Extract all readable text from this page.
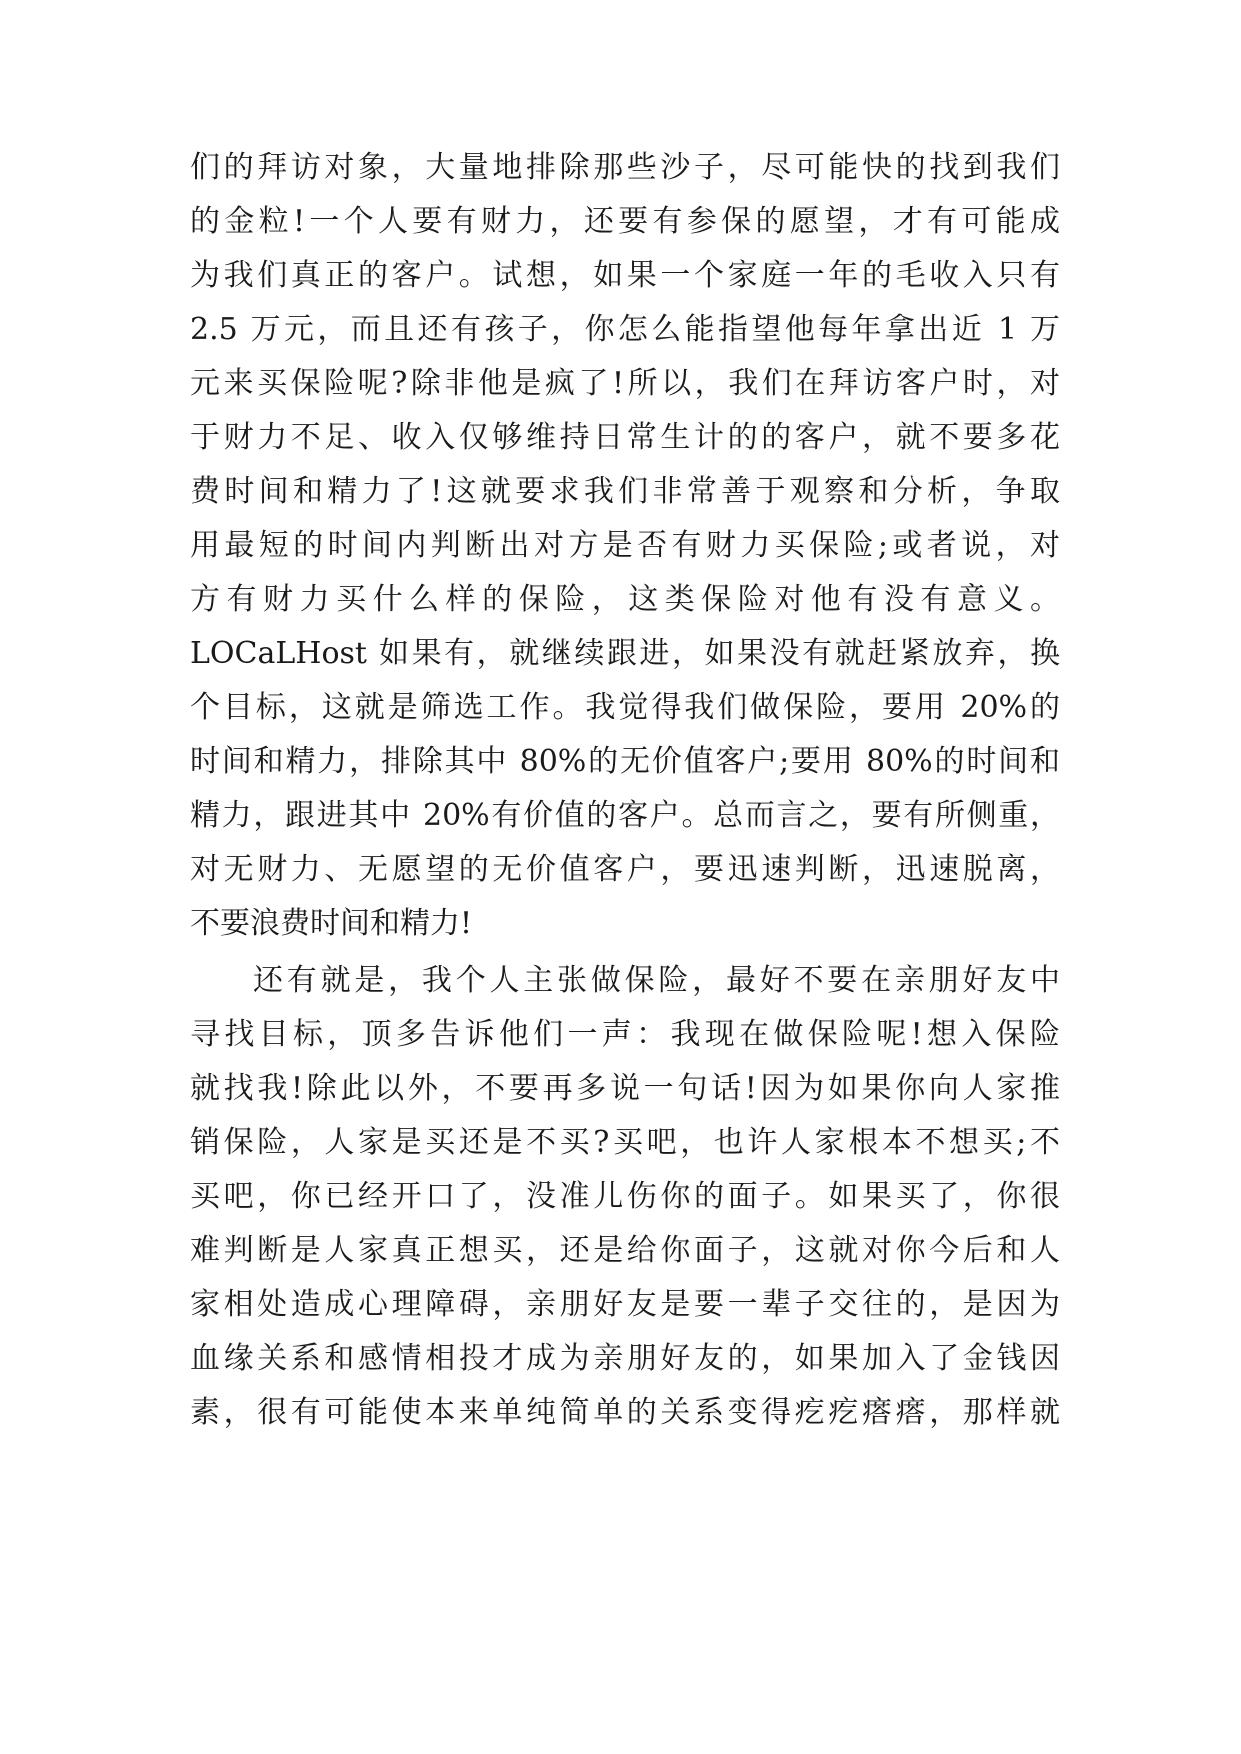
们的拜访对象，大量地排除那些沙子，尽可能快的找到我们
的金粒!一个人要有财力，还要有参保的愿望，才有可能成
为我们真正的客户。试想，如果一个家庭一年的毛收入只有
2.5 万元，而且还有孩子，你怎么能指望他每年拿出近 1 万
元来买保险呢?除非他是疯了!所以，我们在拜访客户时，对
于财力不足、收入仅够维持日常生计的的客户，就不要多花
费时间和精力了!这就要求我们非常善于观察和分析，争取
用最短的时间内判断出对方是否有财力买保险;或者说，对
方有财力买什么样的保险，这类保险对他有没有意义。
LOCaLHost 如果有，就继续跟进，如果没有就赶紧放弃，换
个目标，这就是筛选工作。我觉得我们做保险，要用 20%的
时间和精力，排除其中 80%的无价值客户;要用 80%的时间和
精力，跟进其中 20%有价值的客户。总而言之，要有所侧重，
对无财力、无愿望的无价值客户，要迅速判断，迅速脱离，
不要浪费时间和精力!
还有就是，我个人主张做保险，最好不要在亲朋好友中
寻找目标，顶多告诉他们一声：我现在做保险呢!想入保险
就找我!除此以外，不要再多说一句话!因为如果你向人家推
销保险，人家是买还是不买?买吧，也许人家根本不想买;不
买吧，你已经开口了，没准儿伤你的面子。如果买了，你很
难判断是人家真正想买，还是给你面子，这就对你今后和人
家相处造成心理障碍，亲朋好友是要一辈子交往的，是因为
血缘关系和感情相投才成为亲朋好友的，如果加入了金钱因
素，很有可能使本来单纯简单的关系变得疙疙瘩瘩，那样就
